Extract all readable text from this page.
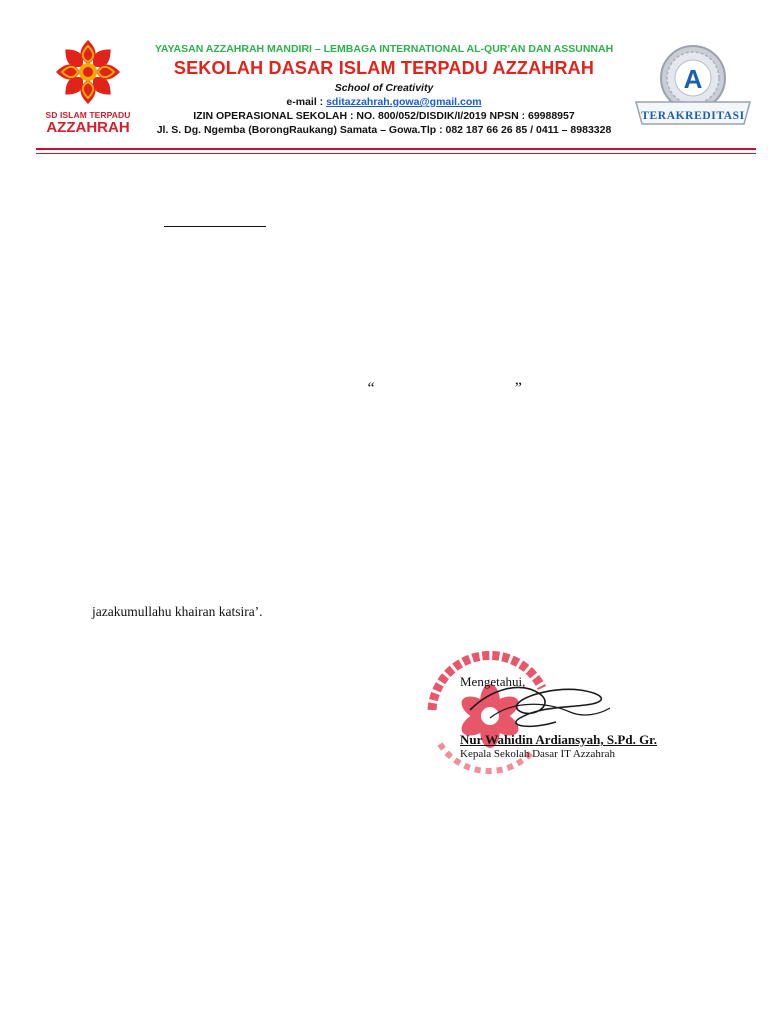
SD ISLAM TERPADU
AZZAHRAH
YAYASAN AZZAHRAH MANDIRI – LEMBAGA INTERNATIONAL AL-QUR’AN DAN ASSUNNAH
SEKOLAH DASAR ISLAM TERPADU AZZAHRAH
School of Creativity
e-mail : sditazzahrah.gowa@gmail.com
IZIN OPERASIONAL SEKOLAH : NO. 800/052/DISDIK/I/2019 NPSN : 69988957
Jl. S. Dg. Ngemba (BorongRaukang) Samata – Gowa.Tlp : 082 187 66 26 85 / 0411 – 8983328
A
TERAKREDITASI
“	”
jazakumullahu khairan katsira’.
Mengetahui,
Nur Wahidin Ardiansyah, S.Pd. Gr.
Kepala Sekolah Dasar IT Azzahrah
